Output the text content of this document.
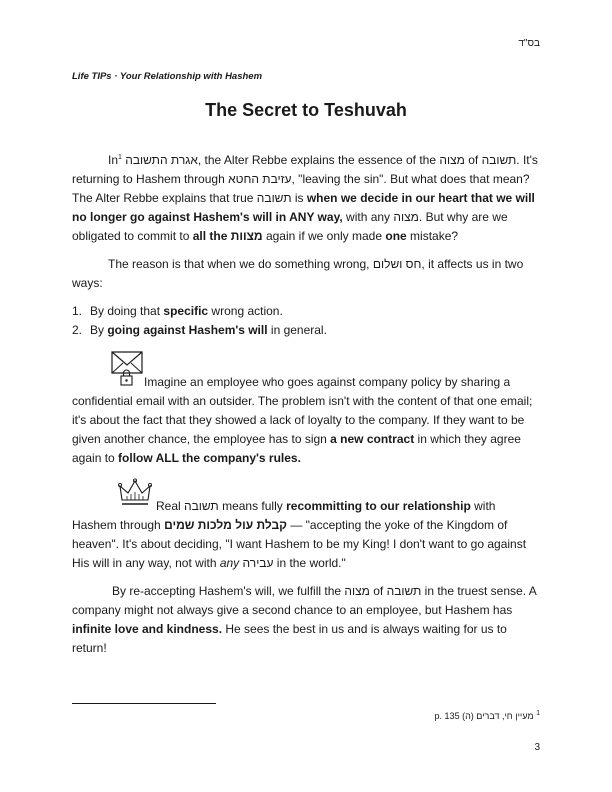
בס"ד
Life TIPs · Your Relationship with Hashem
The Secret to Teshuvah
In$^1$ אגרת התשובה, the Alter Rebbe explains the essence of the מצוה of תשובה. It's returning to Hashem through עזיבת החטא, "leaving the sin". But what does that mean? The Alter Rebbe explains that true תשובה is when we decide in our heart that we will no longer go against Hashem's will in ANY way, with any מצוה. But why are we obligated to commit to all the מצוות again if we only made one mistake?
The reason is that when we do something wrong, חס ושלום, it affects us in two ways:
1. By doing that specific wrong action.
2. By going against Hashem's will in general.
Imagine an employee who goes against company policy by sharing a confidential email with an outsider. The problem isn't with the content of that one email; it's about the fact that they showed a lack of loyalty to the company. If they want to be given another chance, the employee has to sign a new contract in which they agree again to follow ALL the company's rules.
Real תשובה means fully recommitting to our relationship with Hashem through קבלת עול מלכות שמים — "accepting the yoke of the Kingdom of heaven". It's about deciding, "I want Hashem to be my King! I don't want to go against His will in any way, not with any עבירה in the world."
By re-accepting Hashem's will, we fulfill the מצוה of תשובה in the truest sense. A company might not always give a second chance to an employee, but Hashem has infinite love and kindness. He sees the best in us and is always waiting for us to return!
p. 135 מעיין חי, דברים (ה) $^1$
3
